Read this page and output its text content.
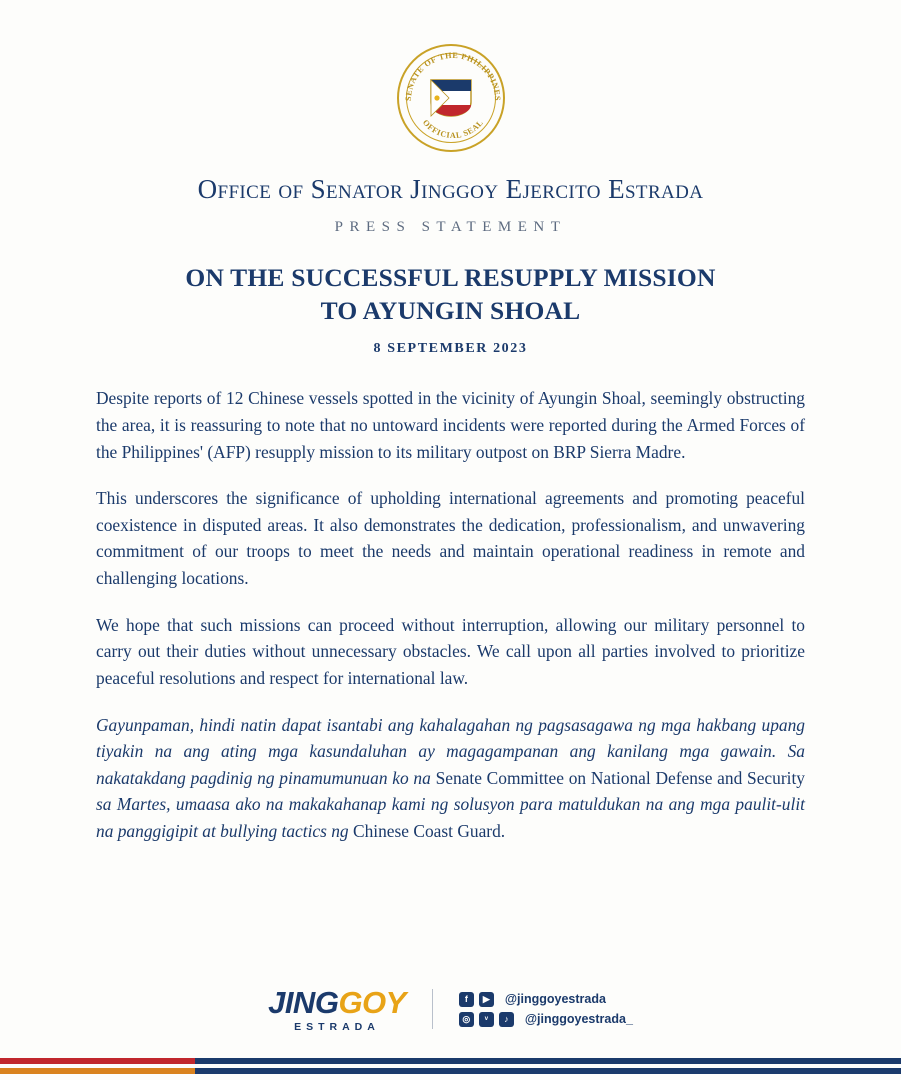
SENATE OF THE PHILIPPINES
OFFICIAL SEAL
Office of Senator Jinggoy Ejercito Estrada
PRESS STATEMENT
ON THE SUCCESSFUL RESUPPLY MISSION
TO AYUNGIN SHOAL
8 SEPTEMBER 2023

Despite reports of 12 Chinese vessels spotted in the vicinity of Ayungin Shoal, seemingly obstructing the area, it is reassuring to note that no untoward incidents were reported during the Armed Forces of the Philippines' (AFP) resupply mission to its military outpost on BRP Sierra Madre.

This underscores the significance of upholding international agreements and promoting peaceful coexistence in disputed areas. It also demonstrates the dedication, professionalism, and unwavering commitment of our troops to meet the needs and maintain operational readiness in remote and challenging locations.

We hope that such missions can proceed without interruption, allowing our military personnel to carry out their duties without unnecessary obstacles. We call upon all parties involved to prioritize peaceful resolutions and respect for international law.

Gayunpaman, hindi natin dapat isantabi ang kahalagahan ng pagsasagawa ng mga hakbang upang tiyakin na ang ating mga kasundaluhan ay magagampanan ang kanilang mga gawain. Sa nakatakdang pagdinig ng pinamumunuan ko na Senate Committee on National Defense and Security sa Martes, umaasa ako na makakahanap kami ng solusyon para matuldukan na ang mga paulit-ulit na panggigipit at bullying tactics ng Chinese Coast Guard.

JINGGOY
ESTRADA
f	▶	@jinggoyestrada
◎	ᵛ	♪	@jinggoyestrada_
